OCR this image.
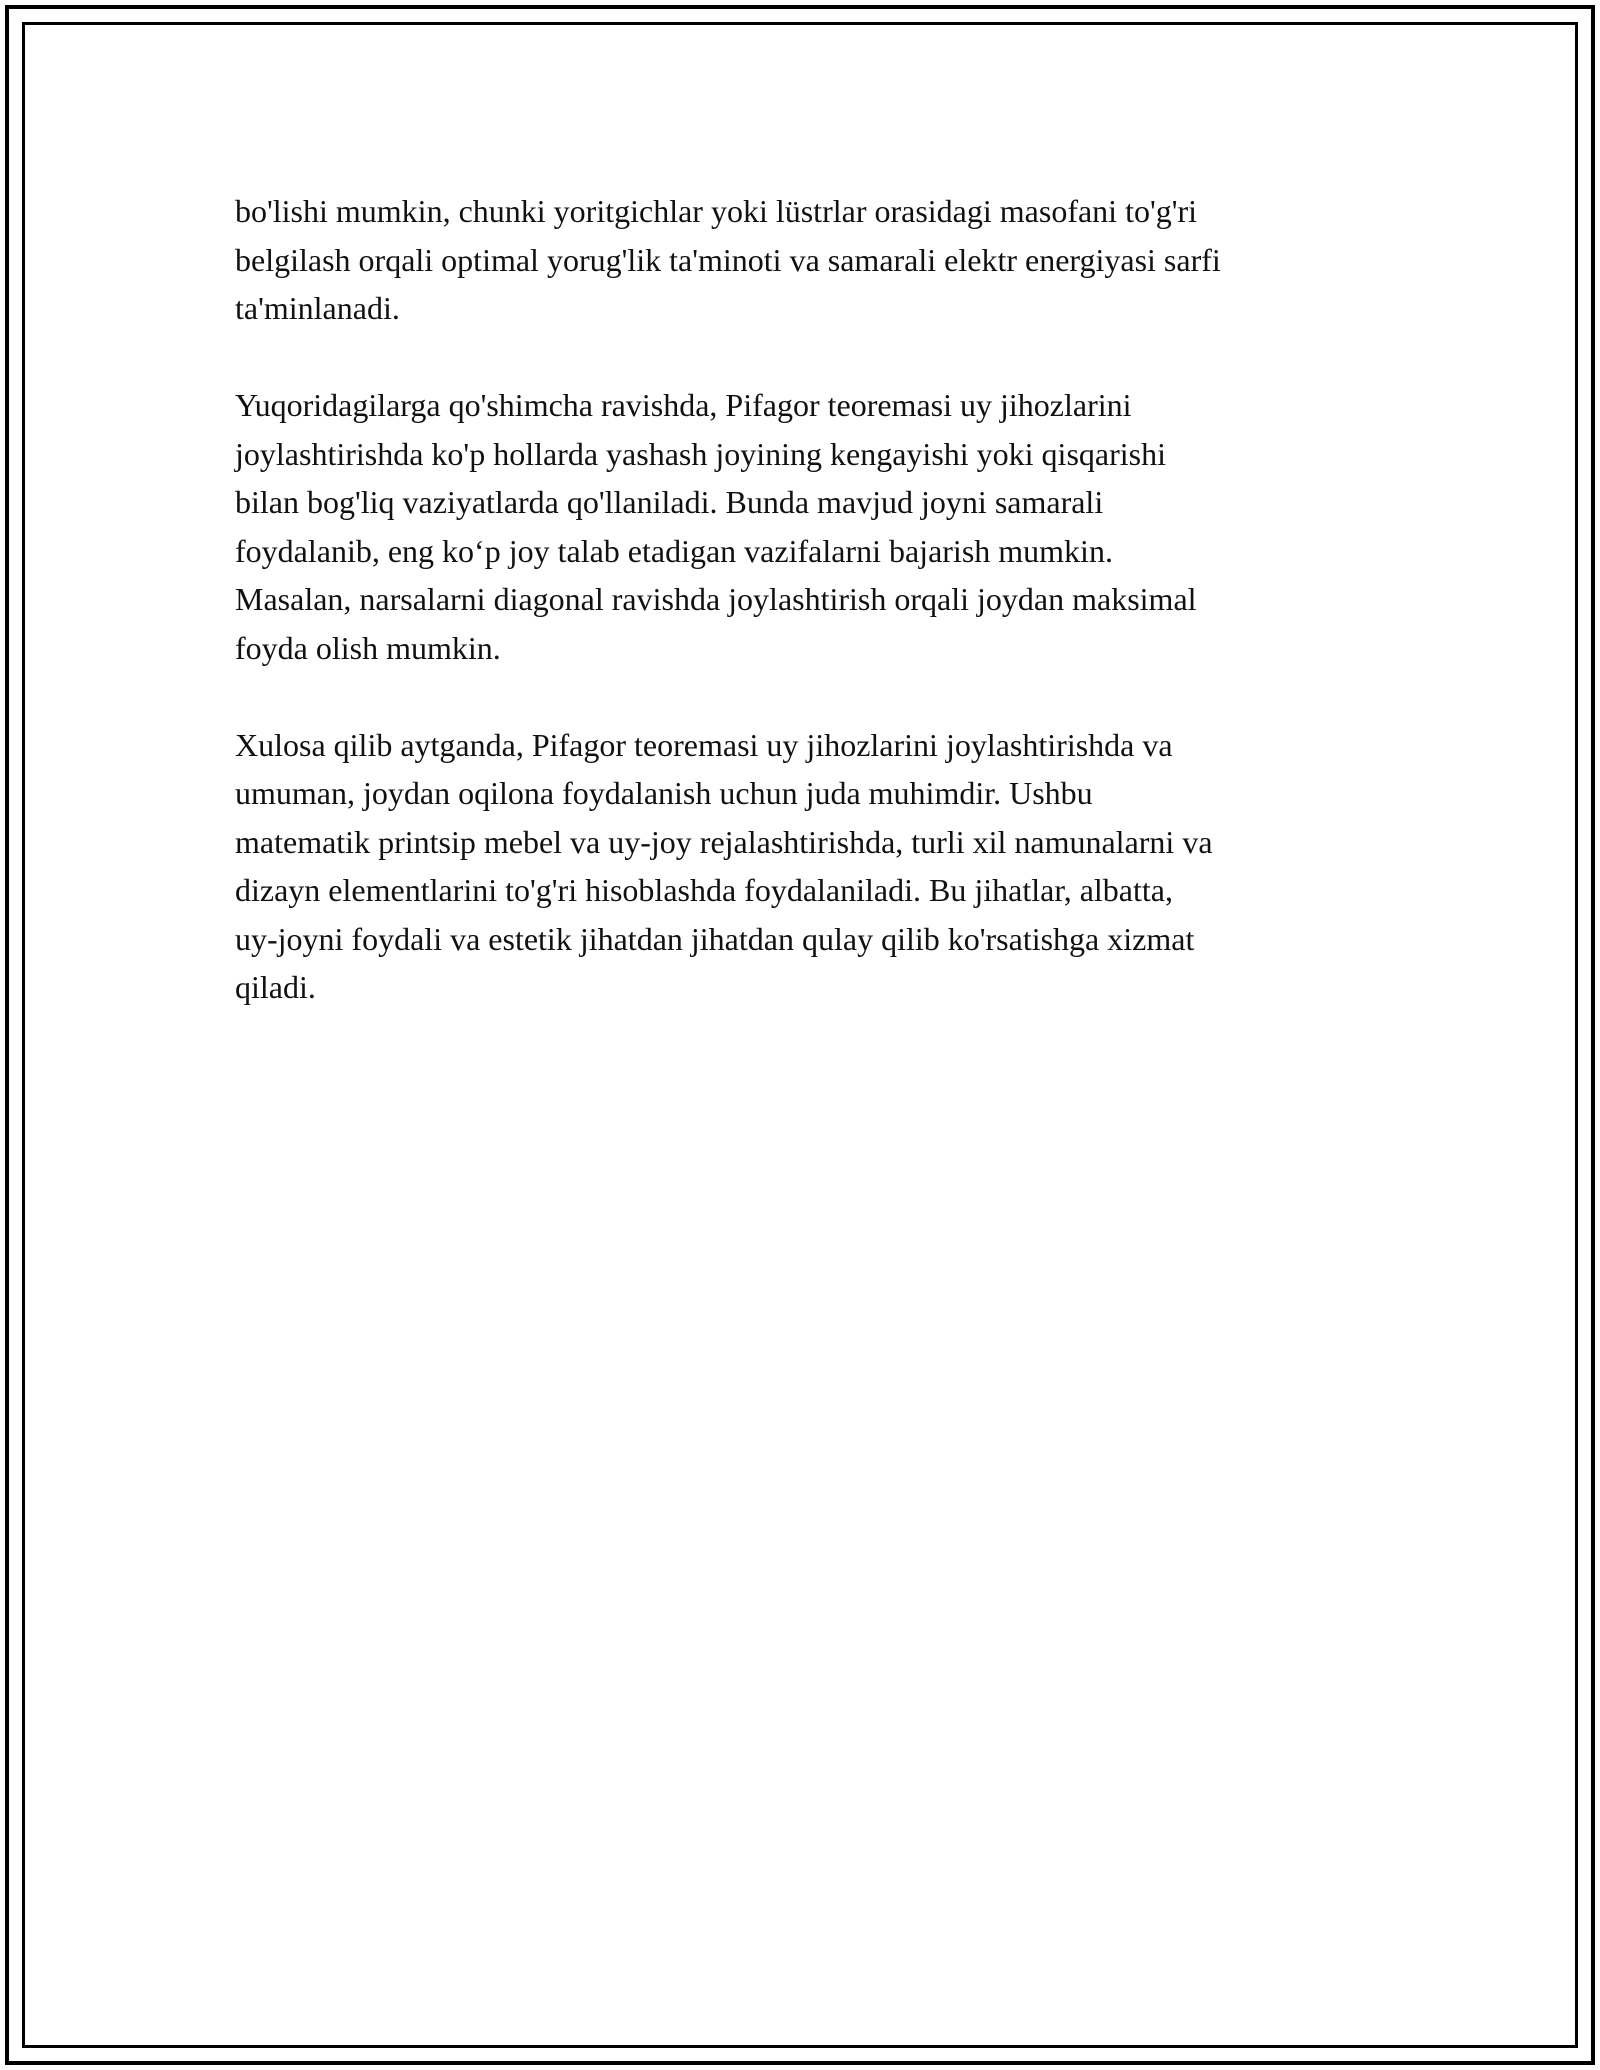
bo'lishi mumkin, chunki yoritgichlar yoki lüstrlar orasidagi masofani to'g'ri
belgilash orqali optimal yorug'lik ta'minoti va samarali elektr energiyasi sarfi
ta'minlanadi.

Yuqoridagilarga qo'shimcha ravishda, Pifagor teoremasi uy jihozlarini
joylashtirishda ko'p hollarda yashash joyining kengayishi yoki qisqarishi
bilan bog'liq vaziyatlarda qo'llaniladi. Bunda mavjud joyni samarali
foydalanib, eng koʻp joy talab etadigan vazifalarni bajarish mumkin.
Masalan, narsalarni diagonal ravishda joylashtirish orqali joydan maksimal
foyda olish mumkin.

Xulosa qilib aytganda, Pifagor teoremasi uy jihozlarini joylashtirishda va
umuman, joydan oqilona foydalanish uchun juda muhimdir. Ushbu
matematik printsip mebel va uy-joy rejalashtirishda, turli xil namunalarni va
dizayn elementlarini to'g'ri hisoblashda foydalaniladi. Bu jihatlar, albatta,
uy-joyni foydali va estetik jihatdan jihatdan qulay qilib ko'rsatishga xizmat
qiladi.
